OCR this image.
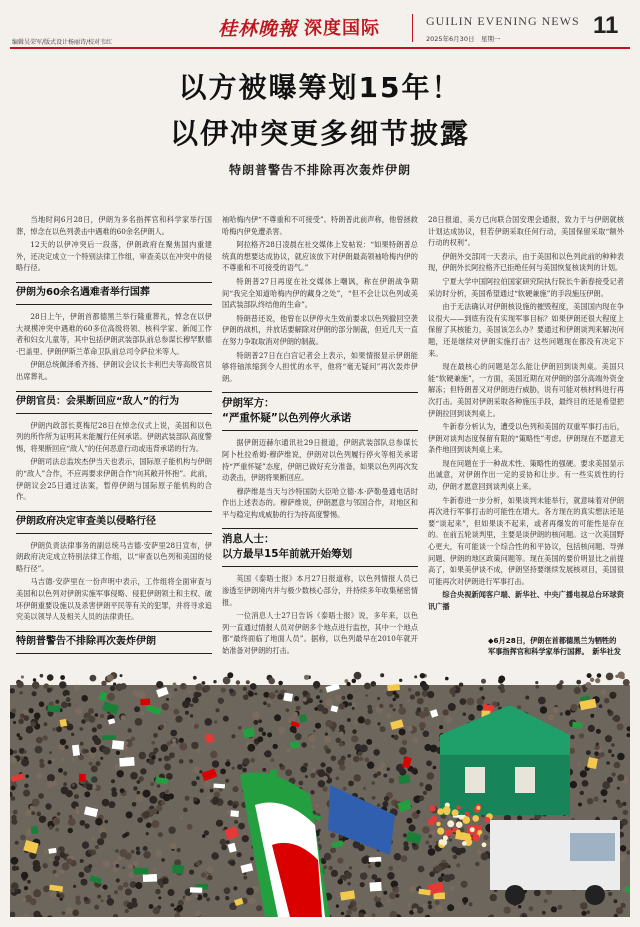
编辑吴荣军/版式设计杨丽诗/校对韦红
桂林晚報 深度国际	GUILIN EVENING NEWS
2025年6月30日　星期一	11
以方被曝筹划15年！
以伊冲突更多细节披露
特朗普警告不排除再次轰炸伊朗

当地时间6月28日，伊朗为多名指挥官和科学家举行国葬，悼念在以色列袭击中遇难的60余名伊朗人。

12天的以伊冲突后一段落，伊朗政府在聚焦国内重建外，还决定成立一个特别法律工作组，审查美以在冲突中的侵略行径。

伊朗为60余名遇难者举行国葬

28日上午，伊朗首都德黑兰举行隆重葬礼，悼念在以伊大规模冲突中遇难的60多位高级将领、核科学家、新闻工作者和妇女儿童等，其中包括伊朗武装部队前总参谋长穆罕默德·巴盖里、伊朗伊斯兰革命卫队前总司令萨拉米等人。

伊朗总统佩泽希齐扬、伊朗议会议长卡利巴夫等高级官员出席葬礼。

伊朗官员：会果断回应“敌人”的行为

伊朗内政部长莫梅尼28日在悼念仪式上说，美国和以色列的所作所为证明其未能履行任何承诺。伊朗武装部队高度警惕，将果断回应“敌人”的任何恶意行动或违背承诺的行为。

伊朗司法总监埃杰伊当天也表示，国际原子能机构与伊朗的“敌人”合作，不应再要求伊朗合作“向其敞开怀抱”。此前，伊朗议会25日通过法案，暂停伊朗与国际原子能机构的合作。

伊朗政府决定审查美以侵略行径

伊朗负责法律事务的副总统马吉德·安萨里28日宣布，伊朗政府决定成立特别法律工作组，以“审查以色列和美国的侵略行径”。

马吉德·安萨里在一份声明中表示，工作组将全面审查与美国和以色列对伊朗实施军事侵略、侵犯伊朗领土和主权、破坏伊朗重要设施以及杀害伊朗平民等有关的犯罪，并将寻求追究美以领导人及相关人员的法律责任。

特朗普警告不排除再次轰炸伊朗

袖哈梅内伊“不尊重和不可接受”。特朗普此前声称，他曾拯救哈梅内伊免遭杀害。

阿拉格齐28日凌晨在社交媒体上发帖说：“如果特朗普总统真的想要达成协议，就应该放下对伊朗最高领袖哈梅内伊的不尊重和不可接受的语气。”

特朗普27日再度在社交媒体上嘲讽，称在伊朗战争期间“我完全知道哈梅内伊的藏身之处”，“但不会让以色列或美国武装部队终结他的生命”。

特朗普还说，他曾在以伊停火生效前要求以色列撤回空袭伊朗的战机，并放话要解除对伊朗的部分制裁，但近几天一直在努力争取取消对伊朗的制裁。

特朗普27日在白宫记者会上表示，如果情报显示伊朗能够将铀浓缩到令人担忧的水平，他将“毫无疑问”再次轰炸伊朗。

伊朗军方：
“严重怀疑”以色列停火承诺

据伊朗迈赫尔通讯社29日报道，伊朗武装部队总参谋长阿卜杜拉希姆·穆萨维说，伊朗对以色列履行停火等相关承诺持“严重怀疑”态度，伊朗已做好充分准备，如果以色列再次发动袭击，伊朗将果断回应。

穆萨维是当天与沙特国防大臣哈立德·本·萨勒曼通电话时作出上述表态的。穆萨维说，伊朗愿意与邻国合作，对地区和平与稳定构成威胁的行为持高度警惕。

消息人士：
以方最早15年前就开始筹划

英国《泰晤士报》本月27日报道称，以色列情报人员已渗透至伊朗境内并与极少数核心部分，并持续多年收集秘密情报。

一位消息人士27日告诉《泰晤士报》说，多年来，以色列一直通过情报人员对伊朗多个地点进行监控，其中一个地点都“最终面临了地面人员”。据称，以色列最早在2010年就开始准备对伊朗的打击。

28日报道，美方已向联合国安理会通报，致力于与伊朗就核计划达成协议，但若伊朗采取任何行动，美国保留采取“额外行动的权利”。

伊朗外交部同一天表示，由于美国和以色列此前的种种表现，伊朗外长阿拉格齐已拒绝任何与美国恢复核谈判的计划。

宁夏大学中国阿拉伯国家研究院执行院长牛新春接受记者采访时分析，美国希望通过“软硬兼施”的手段施压伊朗。

由于无法确认对伊朗核设施的摧毁程度，美国国内现在争议很大——到底有没有实现军事目标？如果伊朗还很大程度上保留了其核能力，美国该怎么办？要通过和伊朗谈判来解决问题，还是继续对伊朗实施打击？这些问题现在都没有决定下来。

现在最核心的问题是怎么能让伊朗回到谈判桌。美国只能“软硬兼施”，一方面，美国近期在对伊朗的部分高端外资金解冻；但特朗普又对伊朗进行威胁，说有可能对核材料进行再次打击。美国对伊朗采取各种施压手段，最终目的还是希望把伊朗拉回到谈判桌上。

牛新春分析认为，遭受以色列和美国的双重军事打击后，伊朗对谈判态度保留有限的“策略性”考虑。伊朗现在不愿意无条件地回到谈判桌上来。

现在问题在于一种战术性、策略性的强硬。要求美国显示出诚意，对伊朗作出一定的妥协和让步。有一些实质性的行动，伊朗才愿意回到谈判桌上来。

牛新春进一步分析，如果谈判未能举行，就意味着对伊朗再次进行军事打击的可能性在增大。各方现在的真实想法还是要“谈起来”，但如果谈不起来，或者再爆发的可能性是存在的。在前五轮谈判里，主要是谈伊朗的核问题。这一次美国野心更大，有可能谈一个综合性的和平协议，包括核问题、导弹问题、伊朗的地区政策问题等。现在美国的要价明显比之前提高了，如果美伊谈不成，伊朗坚持要继续发展核项目，美国很可能再次对伊朗进行军事打击。

综合央视新闻客户端、新华社、中央广播电视总台环球资讯广播

◆6月28日，伊朗在首都德黑兰为牺牲的军事指挥官和科学家举行国葬。　新华社发
